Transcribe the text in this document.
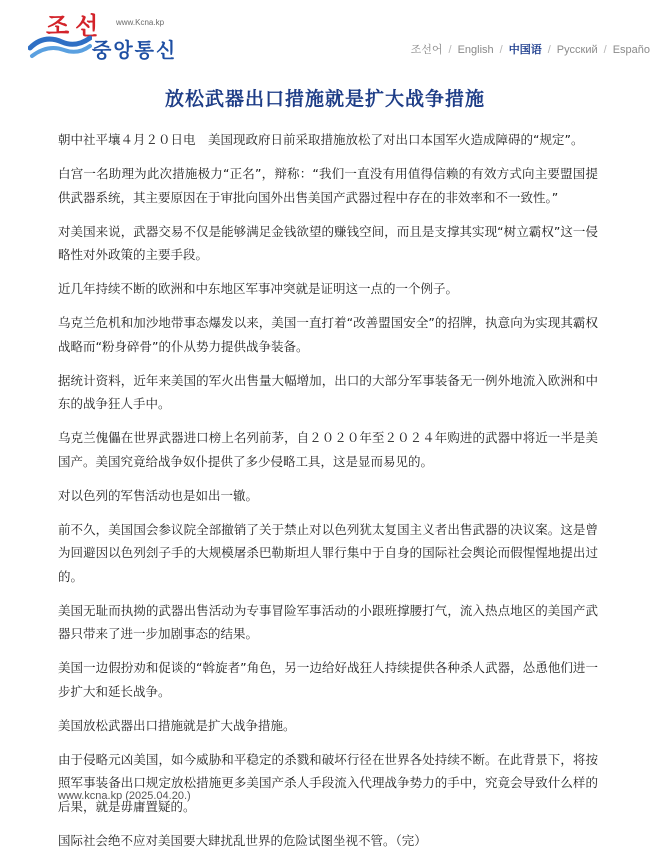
조선 www.Kcna.kp
중앙통신	조선어 / English / 中国语 / Русский / Españo
放松武器出口措施就是扩大战争措施

朝中社平壤４月２０日电　美国现政府日前采取措施放松了对出口本国军火造成障碍的“规定”。

白宫一名助理为此次措施极力“正名”，辩称：“我们一直没有用值得信赖的有效方式向主要盟国提供武器系统，其主要原因在于审批向国外出售美国产武器过程中存在的非效率和不一致性。”

对美国来说，武器交易不仅是能够满足金钱欲望的赚钱空间，而且是支撑其实现“树立霸权”这一侵略性对外政策的主要手段。

近几年持续不断的欧洲和中东地区军事冲突就是证明这一点的一个例子。

乌克兰危机和加沙地带事态爆发以来，美国一直打着“改善盟国安全”的招牌，执意向为实现其霸权战略而“粉身碎骨”的仆从势力提供战争装备。

据统计资料，近年来美国的军火出售量大幅增加，出口的大部分军事装备无一例外地流入欧洲和中东的战争狂人手中。

乌克兰傀儡在世界武器进口榜上名列前茅，自２０２０年至２０２４年购进的武器中将近一半是美国产。美国究竟给战争奴仆提供了多少侵略工具，这是显而易见的。

对以色列的军售活动也是如出一辙。

前不久，美国国会参议院全部撤销了关于禁止对以色列犹太复国主义者出售武器的决议案。这是曾为回避因以色列刽子手的大规模屠杀巴勒斯坦人罪行集中于自身的国际社会舆论而假惺惺地提出过的。

美国无耻而执拗的武器出售活动为专事冒险军事活动的小跟班撑腰打气，流入热点地区的美国产武器只带来了进一步加剧事态的结果。

美国一边假扮劝和促谈的“斡旋者”角色，另一边给好战狂人持续提供各种杀人武器，怂恿他们进一步扩大和延长战争。

美国放松武器出口措施就是扩大战争措施。

由于侵略元凶美国，如今威胁和平稳定的杀戮和破坏行径在世界各处持续不断。在此背景下，将按照军事装备出口规定放松措施更多美国产杀人手段流入代理战争势力的手中，究竟会导致什么样的后果，就是毋庸置疑的。

国际社会绝不应对美国要大肆扰乱世界的危险试图坐视不管。（完）

www.kcna.kp (2025.04.20.)
